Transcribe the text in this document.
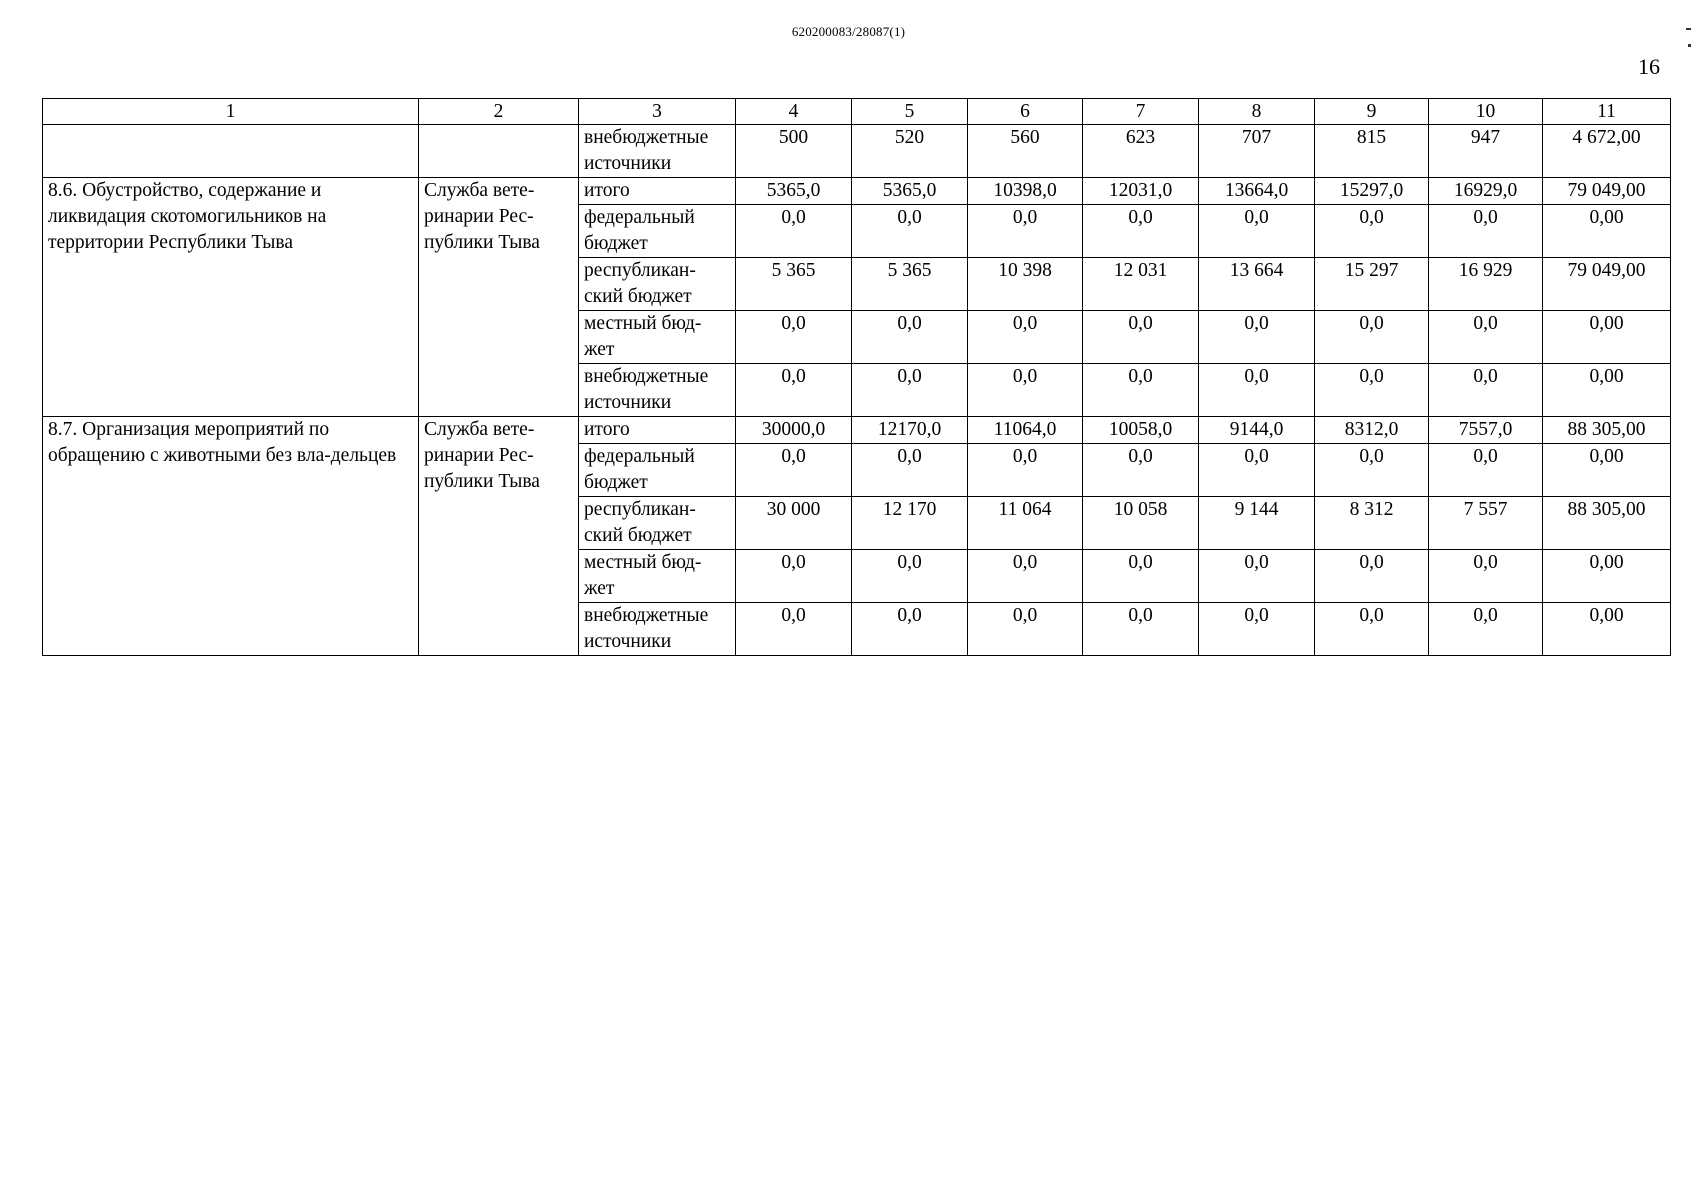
620200083/28087(1)
16
1	2	3	4	5	6	7	8	9	10	11
		внебюджетные источники	500	520	560	623	707	815	947	4 672,00
8.6. Обустройство, содержание и ликвидация скотомогильников на территории Республики Тыва	Служба вете-ринарии Рес-публики Тыва	итого	5365,0	5365,0	10398,0	12031,0	13664,0	15297,0	16929,0	79 049,00
		федеральный бюджет	0,0	0,0	0,0	0,0	0,0	0,0	0,0	0,00
		республикан-ский бюджет	5 365	5 365	10 398	12 031	13 664	15 297	16 929	79 049,00
		местный бюд-жет	0,0	0,0	0,0	0,0	0,0	0,0	0,0	0,00
		внебюджетные источники	0,0	0,0	0,0	0,0	0,0	0,0	0,0	0,00
8.7. Организация мероприятий по обращению с животными без вла-дельцев	Служба вете-ринарии Рес-публики Тыва	итого	30000,0	12170,0	11064,0	10058,0	9144,0	8312,0	7557,0	88 305,00
		федеральный бюджет	0,0	0,0	0,0	0,0	0,0	0,0	0,0	0,00
		республикан-ский бюджет	30 000	12 170	11 064	10 058	9 144	8 312	7 557	88 305,00
		местный бюд-жет	0,0	0,0	0,0	0,0	0,0	0,0	0,0	0,00
		внебюджетные источники	0,0	0,0	0,0	0,0	0,0	0,0	0,0	0,00
